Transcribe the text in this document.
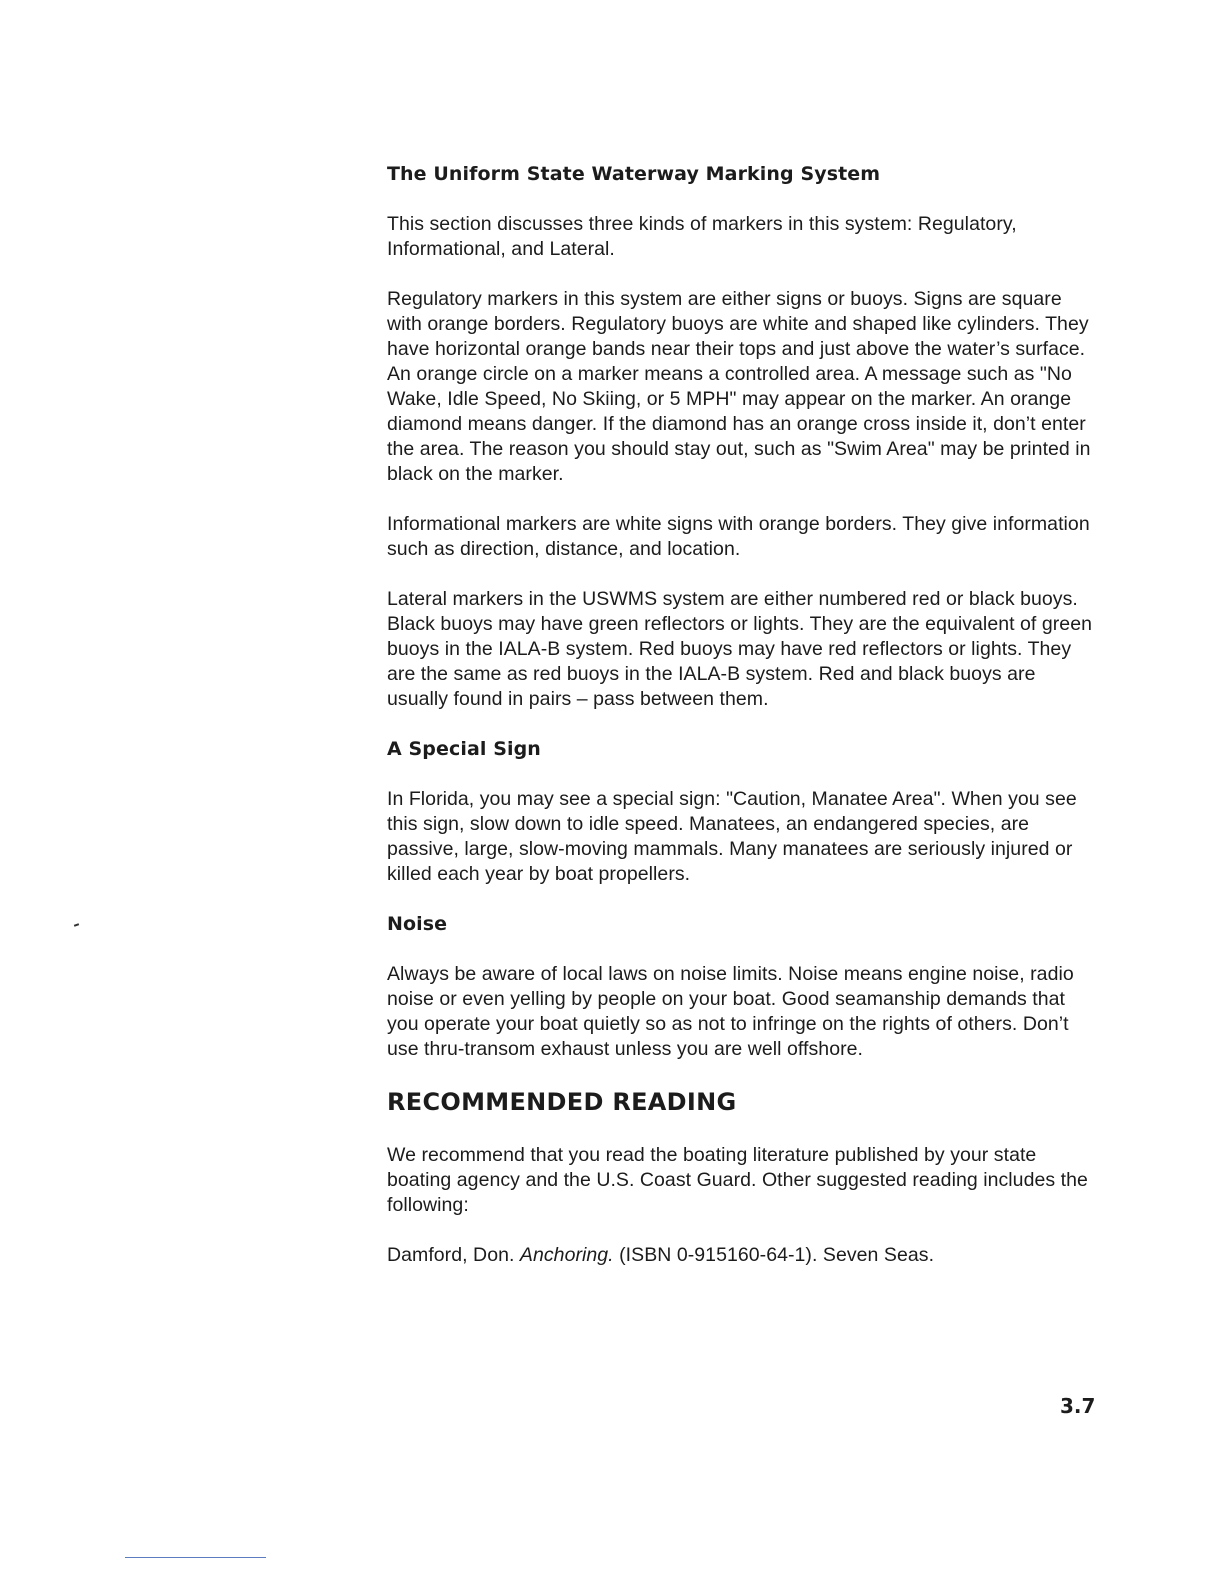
The Uniform State Waterway Marking System

This section discusses three kinds of markers in this system: Regulatory, Informational, and Lateral.

Regulatory markers in this system are either signs or buoys. Signs are square with orange borders. Regulatory buoys are white and shaped like cylinders. They have horizontal orange bands near their tops and just above the water’s surface. An orange circle on a marker means a controlled area. A message such as "No Wake, Idle Speed, No Skiing, or 5 MPH" may appear on the marker. An orange diamond means danger. If the diamond has an orange cross inside it, don’t enter the area. The reason you should stay out, such as "Swim Area" may be printed in black on the marker.

Informational markers are white signs with orange borders. They give information such as direction, distance, and location.

Lateral markers in the USWMS system are either numbered red or black buoys. Black buoys may have green reflectors or lights. They are the equivalent of green buoys in the IALA-B system. Red buoys may have red reflectors or lights. They are the same as red buoys in the IALA-B system. Red and black buoys are usually found in pairs – pass between them.

A Special Sign

In Florida, you may see a special sign: "Caution, Manatee Area". When you see this sign, slow down to idle speed. Manatees, an endangered species, are passive, large, slow-moving mammals. Many manatees are seriously injured or killed each year by boat propellers.

Noise

Always be aware of local laws on noise limits. Noise means engine noise, radio noise or even yelling by people on your boat. Good seamanship demands that you operate your boat quietly so as not to infringe on the rights of others. Don’t use thru-transom exhaust unless you are well offshore.

RECOMMENDED READING

We recommend that you read the boating literature published by your state boating agency and the U.S. Coast Guard. Other suggested reading includes the following:

Damford, Don. Anchoring. (ISBN 0-915160-64-1). Seven Seas.

3.7
